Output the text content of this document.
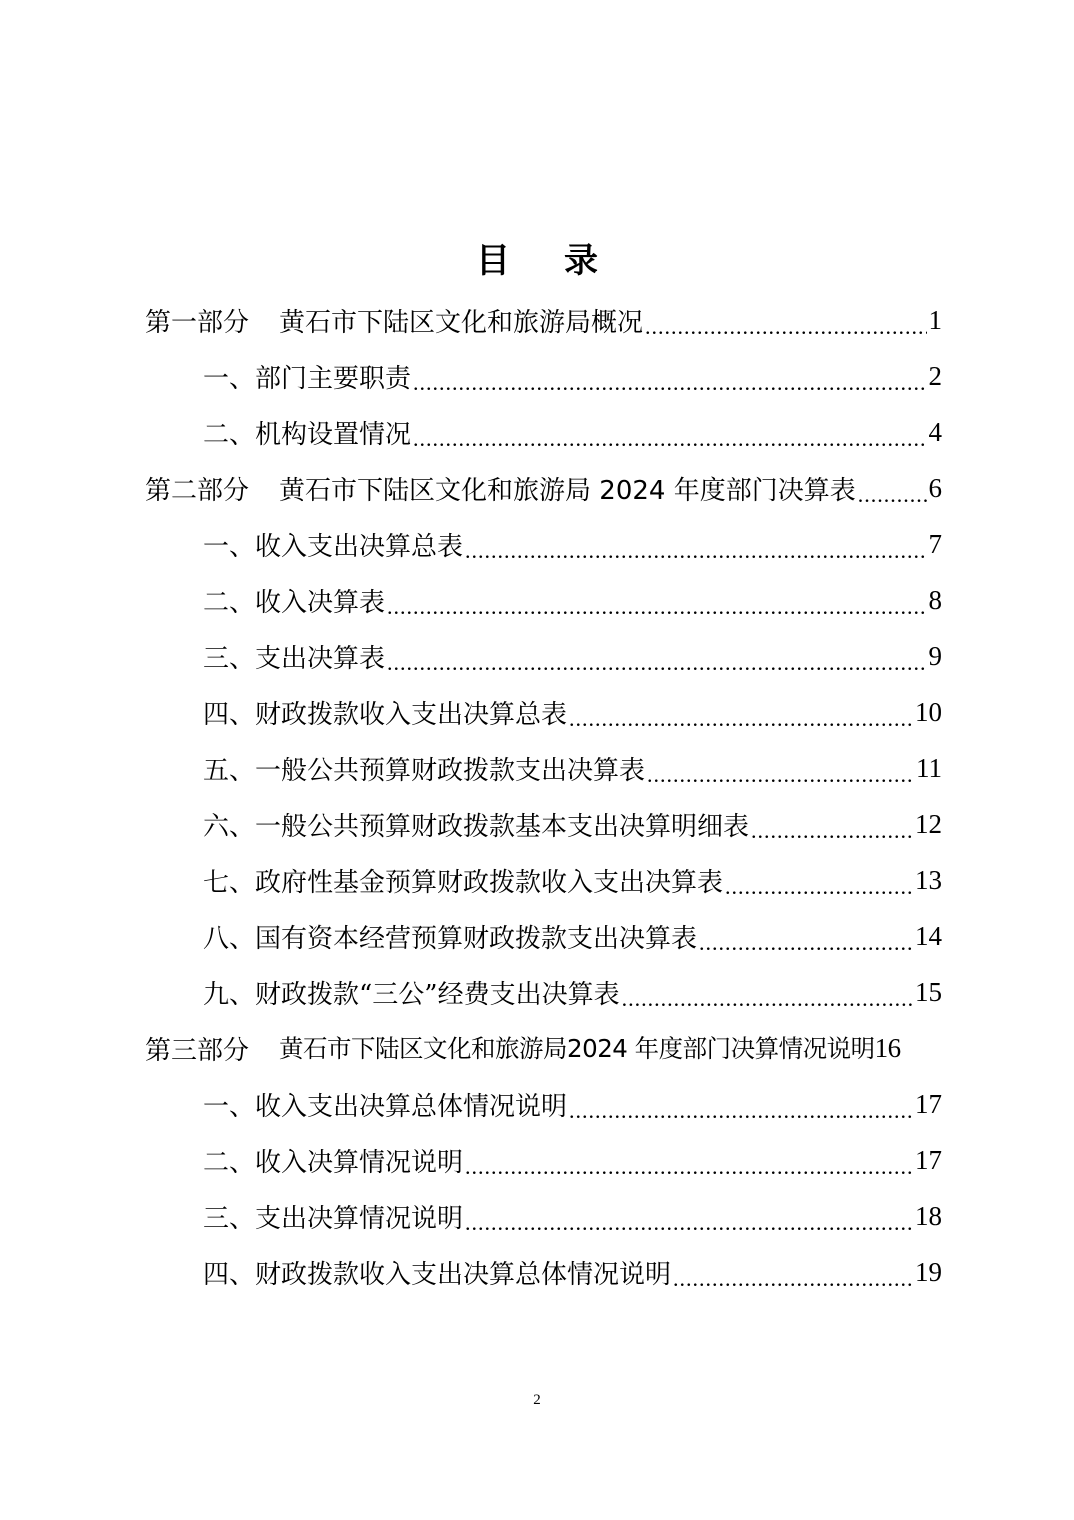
目录
第一部分 黄石市下陆区文化和旅游局概况 .....	1
一、部门主要职责 .....	2
二、机构设置情况 .....	4
第二部分 黄石市下陆区文化和旅游局 2024 年度部门决算表 .....	6
一、收入支出决算总表 .....	7
二、收入决算表 .....	8
三、支出决算表 .....	9
四、财政拨款收入支出决算总表 .....	10
五、一般公共预算财政拨款支出决算表 .....	11
六、一般公共预算财政拨款基本支出决算明细表 .....	12
七、政府性基金预算财政拨款收入支出决算表 .....	13
八、国有资本经营预算财政拨款支出决算表 .....	14
九、财政拨款“三公”经费支出决算表 .....	15
第三部分 黄石市下陆区文化和旅游局2024 年度部门决算情况说明 16
一、收入支出决算总体情况说明 .....	17
二、收入决算情况说明 .....	17
三、支出决算情况说明 .....	18
四、财政拨款收入支出决算总体情况说明 .....	19
2
